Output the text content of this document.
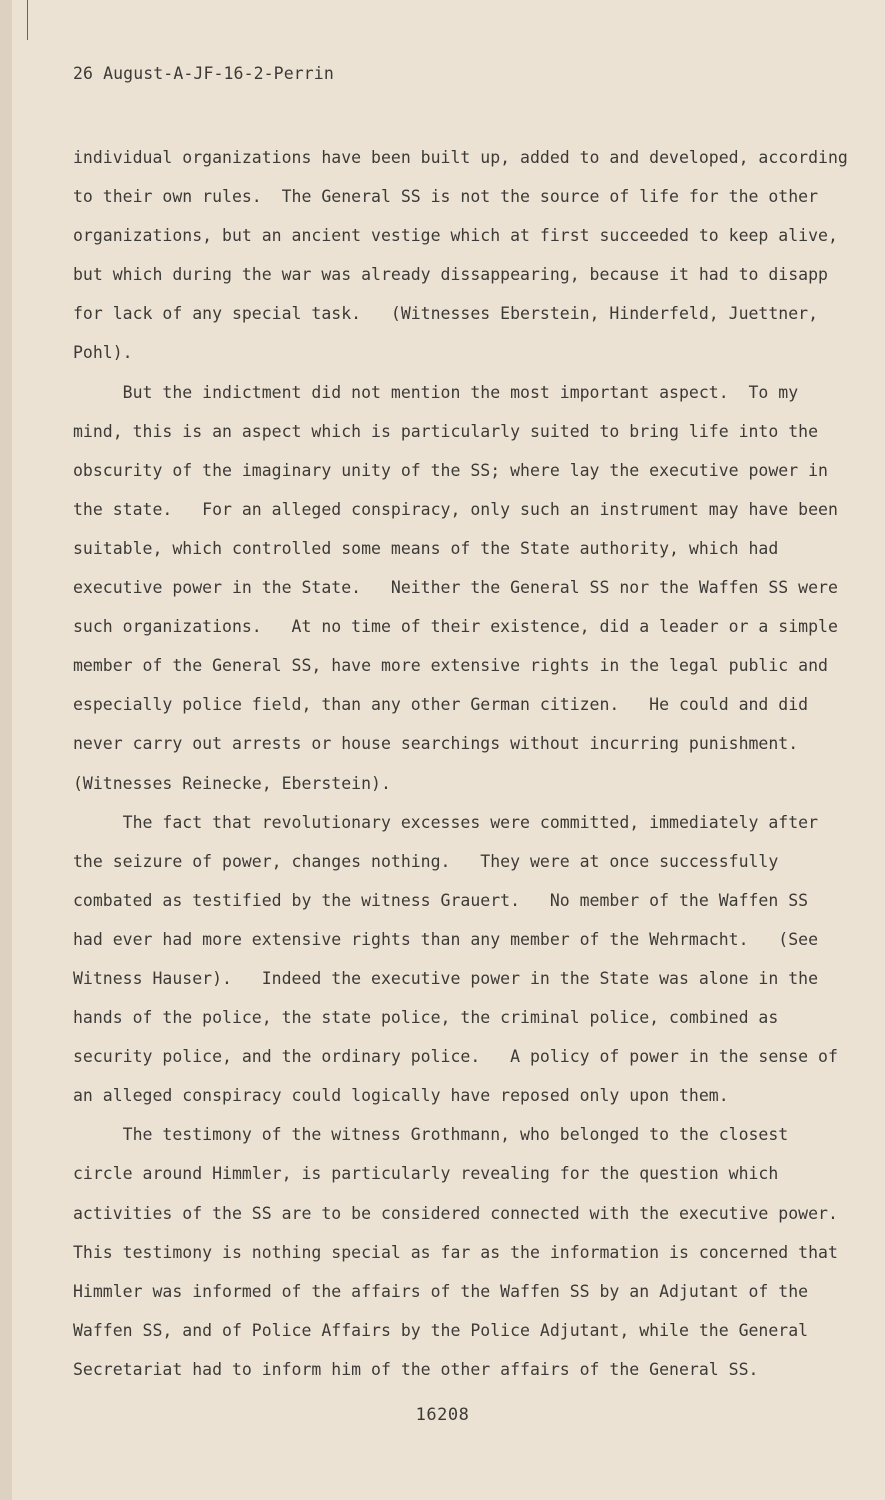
26 August-A-JF-16-2-Perrin
individual organizations have been built up, added to and developed, according
to their own rules.  The General SS is not the source of life for the other
organizations, but an ancient vestige which at first succeeded to keep alive,
but which during the war was already dissappearing, because it had to disapp
for lack of any special task.   (Witnesses Eberstein, Hinderfeld, Juettner,
Pohl).
But the indictment did not mention the most important aspect.  To my
mind, this is an aspect which is particularly suited to bring life into the
obscurity of the imaginary unity of the SS; where lay the executive power in
the state.   For an alleged conspiracy, only such an instrument may have been
suitable, which controlled some means of the State authority, which had
executive power in the State.   Neither the General SS nor the Waffen SS were
such organizations.   At no time of their existence, did a leader or a simple
member of the General SS, have more extensive rights in the legal public and
especially police field, than any other German citizen.   He could and did
never carry out arrests or house searchings without incurring punishment.
(Witnesses Reinecke, Eberstein).
The fact that revolutionary excesses were committed, immediately after
the seizure of power, changes nothing.   They were at once successfully
combated as testified by the witness Grauert.   No member of the Waffen SS
had ever had more extensive rights than any member of the Wehrmacht.   (See
Witness Hauser).   Indeed the executive power in the State was alone in the
hands of the police, the state police, the criminal police, combined as
security police, and the ordinary police.   A policy of power in the sense of
an alleged conspiracy could logically have reposed only upon them.
The testimony of the witness Grothmann, who belonged to the closest
circle around Himmler, is particularly revealing for the question which
activities of the SS are to be considered connected with the executive power.
This testimony is nothing special as far as the information is concerned that
Himmler was informed of the affairs of the Waffen SS by an Adjutant of the
Waffen SS, and of Police Affairs by the Police Adjutant, while the General
Secretariat had to inform him of the other affairs of the General SS.
16208
